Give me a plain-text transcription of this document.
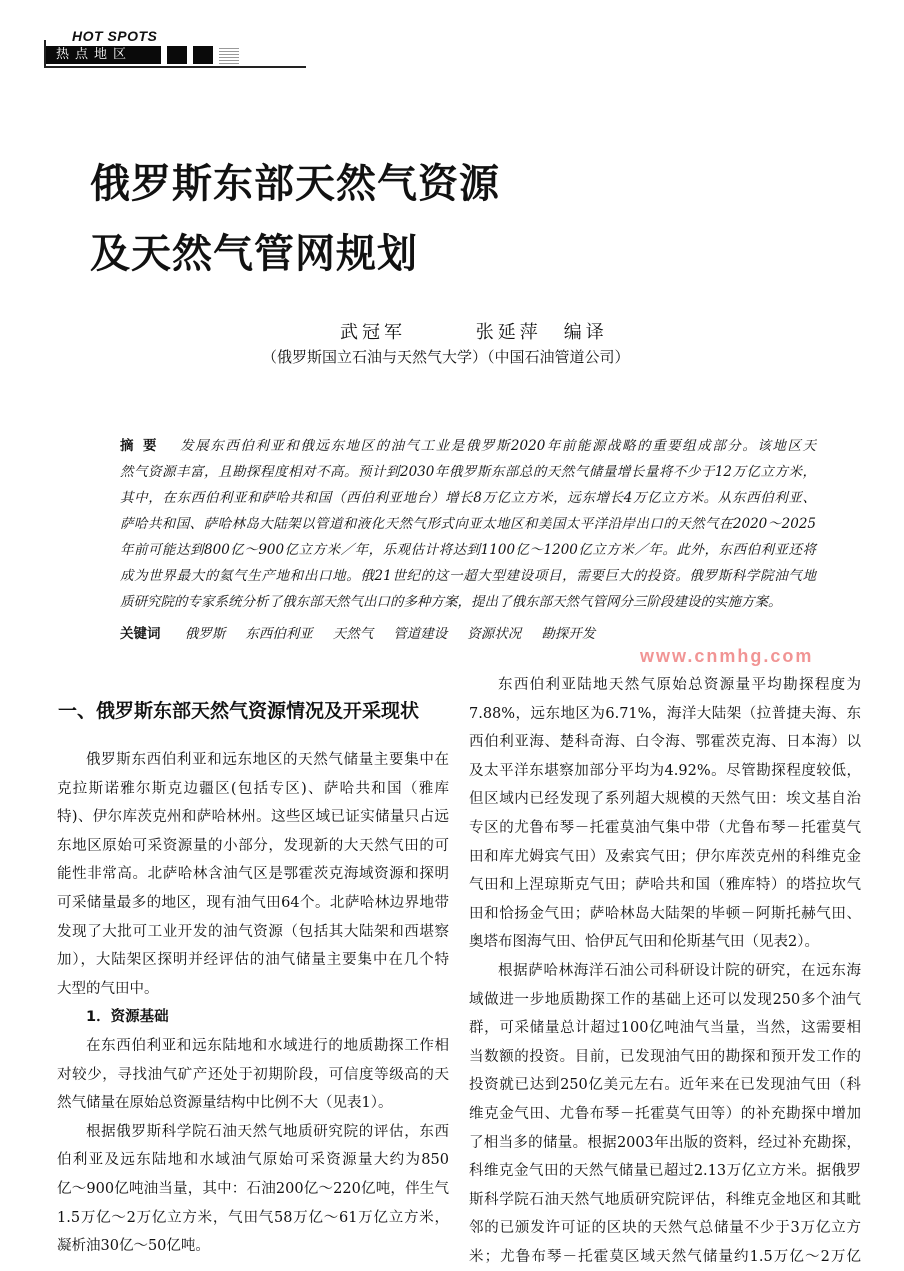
HOT SPOTS
热点地区
俄罗斯东部天然气资源
及天然气管网规划
武冠军	张延萍　编译
（俄罗斯国立石油与天然气大学）（中国石油管道公司）
摘要 发展东西伯利亚和俄远东地区的油气工业是俄罗斯2020年前能源战略的重要组成部分。该地区天
然气资源丰富，且勘探程度相对不高。预计到2030年俄罗斯东部总的天然气储量增长量将不少于12万亿立方米，
其中，在东西伯利亚和萨哈共和国（西伯利亚地台）增长8万亿立方米，远东增长4万亿立方米。从东西伯利亚、
萨哈共和国、萨哈林岛大陆架以管道和液化天然气形式向亚太地区和美国太平洋沿岸出口的天然气在2020～2025
年前可能达到800亿～900亿立方米／年，乐观估计将达到1100亿～1200亿立方米／年。此外，东西伯利亚还将
成为世界最大的氦气生产地和出口地。俄21世纪的这一超大型建设项目，需要巨大的投资。俄罗斯科学院油气地
质研究院的专家系统分析了俄东部天然气出口的多种方案，提出了俄东部天然气管网分三阶段建设的实施方案。
关键词 俄罗斯 东西伯利亚 天然气 管道建设 资源状况 勘探开发
www.cnmhg.com
一、俄罗斯东部天然气资源情况及开采现状
俄罗斯东西伯利亚和远东地区的天然气储量主要集中在
克拉斯诺雅尔斯克边疆区(包括专区)、萨哈共和国（雅库
特)、伊尔库茨克州和萨哈林州。这些区域已证实储量只占远
东地区原始可采资源量的小部分，发现新的大天然气田的可
能性非常高。北萨哈林含油气区是鄂霍茨克海域资源和探明
可采储量最多的地区，现有油气田64个。北萨哈林边界地带
发现了大批可工业开发的油气资源（包括其大陆架和西堪察
加），大陆架区探明并经评估的油气储量主要集中在几个特
大型的气田中。
1．资源基础
在东西伯利亚和远东陆地和水域进行的地质勘探工作相
对较少，寻找油气矿产还处于初期阶段，可信度等级高的天
然气储量在原始总资源量结构中比例不大（见表1）。
根据俄罗斯科学院石油天然气地质研究院的评估，东西
伯利亚及远东陆地和水域油气原始可采资源量大约为850
亿～900亿吨油当量，其中：石油200亿～220亿吨，伴生气
1.5万亿～2万亿立方米，气田气58万亿～61万亿立方米，
凝析油30亿～50亿吨。
东西伯利亚陆地天然气原始总资源量平均勘探程度为
7.88%，远东地区为6.71%，海洋大陆架（拉普捷夫海、东
西伯利亚海、楚科奇海、白令海、鄂霍茨克海、日本海）以
及太平洋东堪察加部分平均为4.92%。尽管勘探程度较低，
但区域内已经发现了系列超大规模的天然气田：埃文基自治
专区的尤鲁布琴－托霍莫油气集中带（尤鲁布琴－托霍莫气
田和库尤姆宾气田）及索宾气田；伊尔库茨克州的科维克金
气田和上涅琼斯克气田；萨哈共和国（雅库特）的塔拉坎气
田和恰扬金气田；萨哈林岛大陆架的毕顿－阿斯托赫气田、
奥塔布图海气田、恰伊瓦气田和伦斯基气田（见表2）。
根据萨哈林海洋石油公司科研设计院的研究，在远东海
域做进一步地质勘探工作的基础上还可以发现250多个油气
群，可采储量总计超过100亿吨油气当量，当然，这需要相
当数额的投资。目前，已发现油气田的勘探和预开发工作的
投资就已达到250亿美元左右。近年来在已发现油气田（科
维克金气田、尤鲁布琴－托霍莫气田等）的补充勘探中增加
了相当多的储量。根据2003年出版的资料，经过补充勘探，
科维克金气田的天然气储量已超过2.13万亿立方米。据俄罗
斯科学院石油天然气地质研究院评估，科维克金地区和其毗
邻的已颁发许可证的区块的天然气总储量不少于3万亿立方
米；尤鲁布琴－托霍莫区域天然气储量约1.5万亿～2万亿
